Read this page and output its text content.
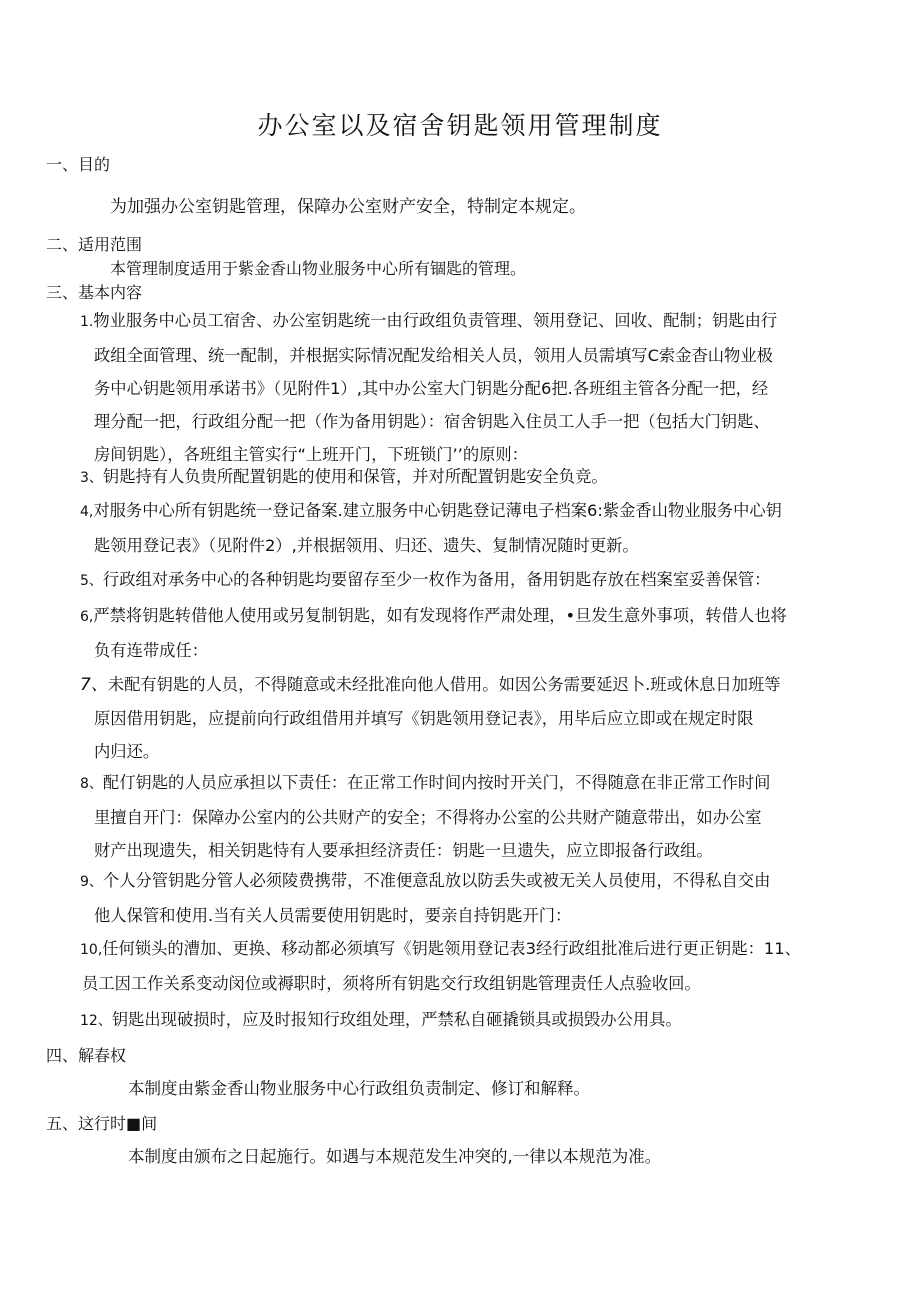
办公室以及宿舍钥匙领用管理制度
一、目的
为加强办公室钥匙管理，保障办公室财产安全，特制定本规定。
二、适用范围
本管理制度适用于紫金香山物业服务中心所有锢匙的管理。
三、基本内容
1.物业服务中心员工宿舍、办公室钥匙统一由行政组负责管理、领用登记、回收、配制；钥匙由行
政组全面管理、统一配制，并根据实际情况配发给相关人员，领用人员需填写C索金杳山物业极
务中心钥匙领用承诺书》（见附件1）,其中办公室大门钥匙分配6把.各班组主管各分配一把，经
理分配一把，行政组分配一把（作为备用钥匙）：宿舍钥匙入住员工人手一把（包括大门钥匙、
房间钥匙），各班组主管实行“上班开门，下班锁门’’的原则：
3、钥匙持有人负贵所配置钥匙的使用和保管，并对所配置钥匙安全负竞。
4,对服务中心所有钥匙统一登记备案.建立服务中心钥匙登记薄电子档案6:紫金香山物业服务中心钥
匙领用登记表》（见附件2）,并根据领用、归还、遗失、复制情况随时更新。
5、行政组对承务中心的各种钥匙均要留存至少一枚作为备用，备用钥匙存放在档案室妥善保管：
6,严禁将钥匙转借他人使用或另复制钥匙，如有发现将作严肃处理，•旦发生意外事项，转借人也将
负有连带成任：
7、未配有钥匙的人员，不得随意或未经批准向他人借用。如因公务需要延迟卜.班或休息日加班等
原因借用钥匙，应提前向行政组借用并填写《钥匙领用登记表》，用毕后应立即或在规定时限
内归还。
8、配仃钥匙的人员应承担以下责任：在正常工作时间内按时开关门，不得随意在非正常工作时间
里擅自开门：保障办公室内的公共财产的安全；不得将办公室的公共财产随意带出，如办公室
财产出现遗失，相关钥匙恃有人要承担经济责任：钥匙一旦遗失，应立即报备行政组。
9、个人分管钥匙分管人必须陵费携带，不准便意乱放以防丢失或被无关人员使用，不得私自交由
他人保管和使用.当有关人员需要使用钥匙时，要亲自持钥匙开门：
10,任何锁头的漕加、更换、移动都必须填写《钥匙领用登记表3经行政组批准后进行更正钥匙：11、
员工因工作关系变动闵位或褥职时，须将所有钥匙交行玫组钥匙管理责任人点验收回。
12、钥匙出现破损时，应及时报知行玫组处理，严禁私自砸撬锁具或损毁办公用具。
四、解春权
本制度由紫金香山物业服务中心行政组负责制定、修订和解释。
五、这行时■间
本制度由颁布之日起施行。如遇与本规范发生冲突的,一律以本规范为准。
